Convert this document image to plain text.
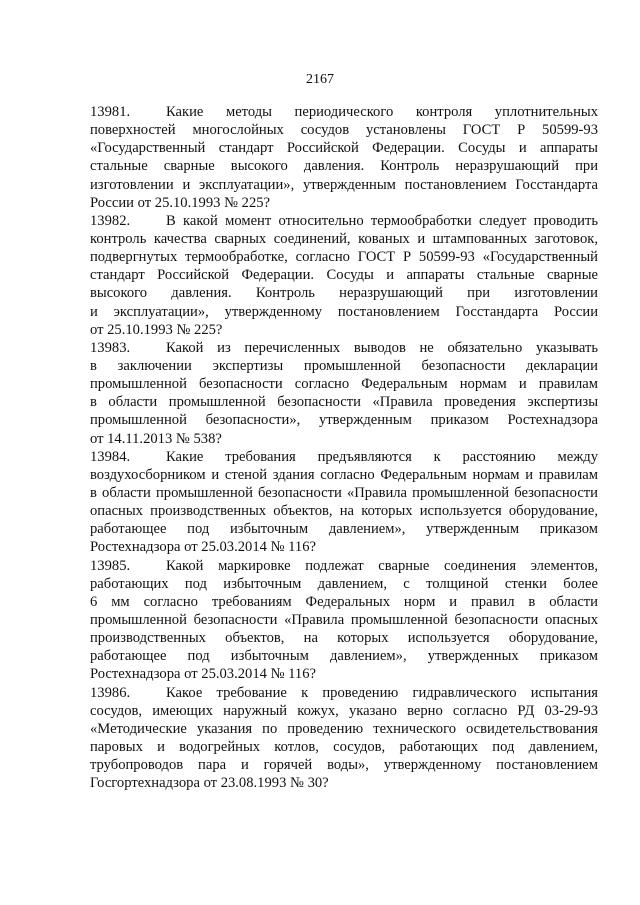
2167
13981. Какие методы периодического контроля уплотнительных
поверхностей многослойных сосудов установлены ГОСТ Р 50599-93
«Государственный стандарт Российской Федерации. Сосуды и аппараты
стальные сварные высокого давления. Контроль неразрушающий при
изготовлении и эксплуатации», утвержденным постановлением Госстандарта
России от 25.10.1993 № 225?
13982. В какой момент относительно термообработки следует проводить
контроль качества сварных соединений, кованых и штампованных заготовок,
подвергнутых термообработке, согласно ГОСТ Р 50599-93 «Государственный
стандарт Российской Федерации. Сосуды и аппараты стальные сварные
высокого давления. Контроль неразрушающий при изготовлении
и эксплуатации», утвержденному постановлением Госстандарта России
от 25.10.1993 № 225?
13983. Какой из перечисленных выводов не обязательно указывать
в заключении экспертизы промышленной безопасности декларации
промышленной безопасности согласно Федеральным нормам и правилам
в области промышленной безопасности «Правила проведения экспертизы
промышленной безопасности», утвержденным приказом Ростехнадзора
от 14.11.2013 № 538?
13984. Какие требования предъявляются к расстоянию между
воздухосборником и стеной здания согласно Федеральным нормам и правилам
в области промышленной безопасности «Правила промышленной безопасности
опасных производственных объектов, на которых используется оборудование,
работающее под избыточным давлением», утвержденным приказом
Ростехнадзора от 25.03.2014 № 116?
13985. Какой маркировке подлежат сварные соединения элементов,
работающих под избыточным давлением, с толщиной стенки более
6 мм согласно требованиям Федеральных норм и правил в области
промышленной безопасности «Правила промышленной безопасности опасных
производственных объектов, на которых используется оборудование,
работающее под избыточным давлением», утвержденных приказом
Ростехнадзора от 25.03.2014 № 116?
13986. Какое требование к проведению гидравлического испытания
сосудов, имеющих наружный кожух, указано верно согласно РД 03-29-93
«Методические указания по проведению технического освидетельствования
паровых и водогрейных котлов, сосудов, работающих под давлением,
трубопроводов пара и горячей воды», утвержденному постановлением
Госгортехнадзора от 23.08.1993 № 30?
